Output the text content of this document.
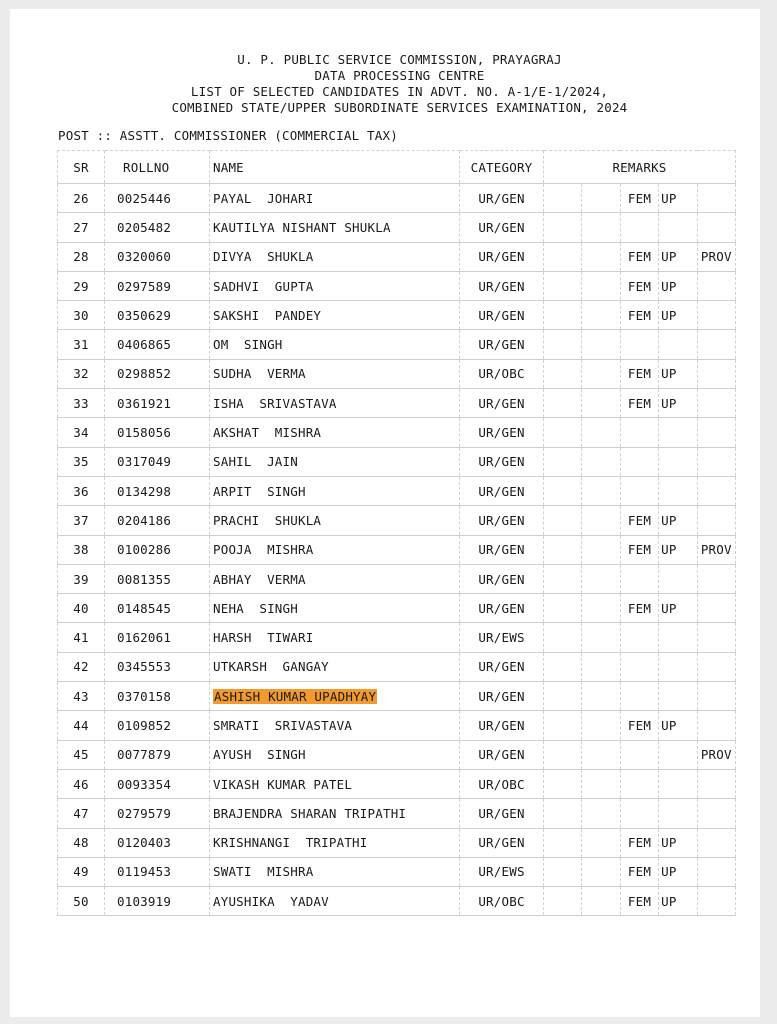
U. P. PUBLIC SERVICE COMMISSION, PRAYAGRAJ
DATA PROCESSING CENTRE
LIST OF SELECTED CANDIDATES IN ADVT. NO. A-1/E-1/2024,
COMBINED STATE/UPPER SUBORDINATE SERVICES EXAMINATION, 2024
POST :: ASSTT. COMMISSIONER (COMMERCIAL TAX)
SR	ROLLNO	NAME	CATEGORY	REMARKS				
26	0025446	PAYAL  JOHARI	UR/GEN			FEM	UP	
27	0205482	KAUTILYA NISHANT SHUKLA	UR/GEN					
28	0320060	DIVYA  SHUKLA	UR/GEN			FEM	UP	PROV
29	0297589	SADHVI  GUPTA	UR/GEN			FEM	UP	
30	0350629	SAKSHI  PANDEY	UR/GEN			FEM	UP	
31	0406865	OM  SINGH	UR/GEN					
32	0298852	SUDHA  VERMA	UR/OBC			FEM	UP	
33	0361921	ISHA  SRIVASTAVA	UR/GEN			FEM	UP	
34	0158056	AKSHAT  MISHRA	UR/GEN					
35	0317049	SAHIL  JAIN	UR/GEN					
36	0134298	ARPIT  SINGH	UR/GEN					
37	0204186	PRACHI  SHUKLA	UR/GEN			FEM	UP	
38	0100286	POOJA  MISHRA	UR/GEN			FEM	UP	PROV
39	0081355	ABHAY  VERMA	UR/GEN					
40	0148545	NEHA  SINGH	UR/GEN			FEM	UP	
41	0162061	HARSH  TIWARI	UR/EWS					
42	0345553	UTKARSH  GANGAY	UR/GEN					
43	0370158	ASHISH KUMAR UPADHYAY	UR/GEN					
44	0109852	SMRATI  SRIVASTAVA	UR/GEN			FEM	UP	
45	0077879	AYUSH  SINGH	UR/GEN					PROV
46	0093354	VIKASH KUMAR PATEL	UR/OBC					
47	0279579	BRAJENDRA SHARAN TRIPATHI	UR/GEN					
48	0120403	KRISHNANGI  TRIPATHI	UR/GEN			FEM	UP	
49	0119453	SWATI  MISHRA	UR/EWS			FEM	UP	
50	0103919	AYUSHIKA  YADAV	UR/OBC			FEM	UP	
